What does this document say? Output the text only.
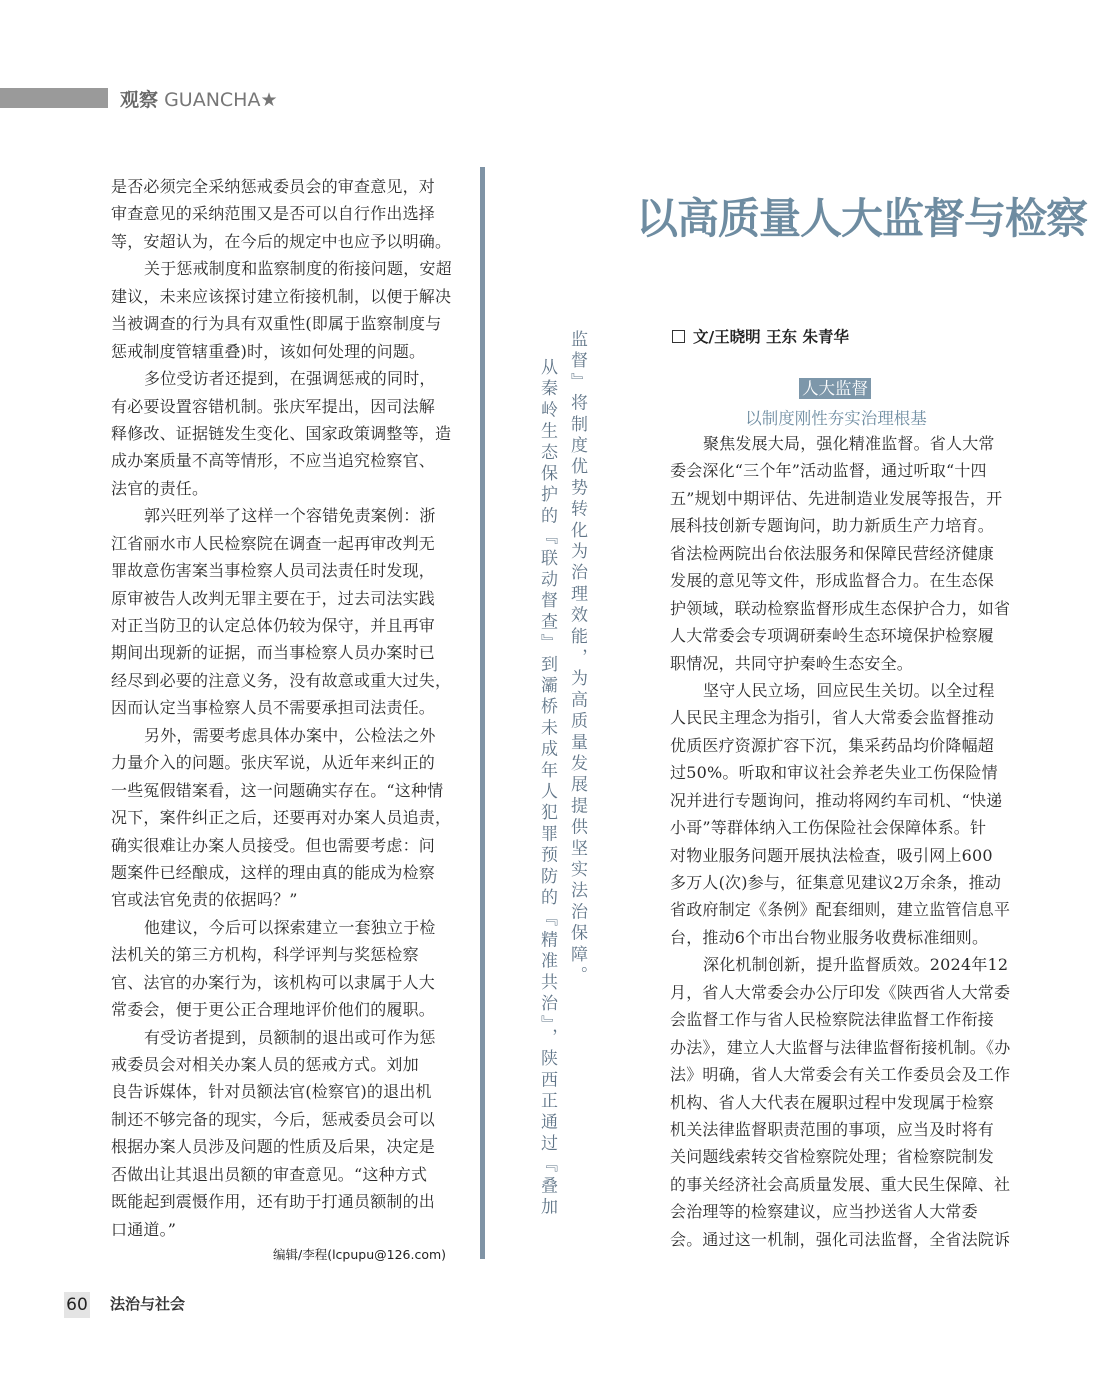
观察 GUANCHA★
是否必须完全采纳惩戒委员会的审查意见，对
审查意见的采纳范围又是否可以自行作出选择
等，安超认为，在今后的规定中也应予以明确。
关于惩戒制度和监察制度的衔接问题，安超
建议，未来应该探讨建立衔接机制，以便于解决
当被调查的行为具有双重性(即属于监察制度与
惩戒制度管辖重叠)时，该如何处理的问题。
多位受访者还提到，在强调惩戒的同时，
有必要设置容错机制。张庆军提出，因司法解
释修改、证据链发生变化、国家政策调整等，造
成办案质量不高等情形，不应当追究检察官、
法官的责任。
郭兴旺列举了这样一个容错免责案例：浙
江省丽水市人民检察院在调查一起再审改判无
罪故意伤害案当事检察人员司法责任时发现，
原审被告人改判无罪主要在于，过去司法实践
对正当防卫的认定总体仍较为保守，并且再审
期间出现新的证据，而当事检察人员办案时已
经尽到必要的注意义务，没有故意或重大过失，
因而认定当事检察人员不需要承担司法责任。
另外，需要考虑具体办案中，公检法之外
力量介入的问题。张庆军说，从近年来纠正的
一些冤假错案看，这一问题确实存在。“这种情
况下，案件纠正之后，还要再对办案人员追责，
确实很难让办案人员接受。但也需要考虑：问
题案件已经酿成，这样的理由真的能成为检察
官或法官免责的依据吗？”
他建议，今后可以探索建立一套独立于检
法机关的第三方机构，科学评判与奖惩检察
官、法官的办案行为，该机构可以隶属于人大
常委会，便于更公正合理地评价他们的履职。
有受访者提到，员额制的退出或可作为惩
戒委员会对相关办案人员的惩戒方式。刘加
良告诉媒体，针对员额法官(检察官)的退出机
制还不够完备的现实，今后，惩戒委员会可以
根据办案人员涉及问题的性质及后果，决定是
否做出让其退出员额的审查意见。“这种方式
既能起到震慑作用，还有助于打通员额制的出
口通道。”
编辑/李程(lcpupu@126.com)
从秦岭生态保护的『联动督查』到灞桥未成年人犯罪预防的『精准共治』，陕西正通过『叠加 监督』将制度优势转化为治理效能，为高质量发展提供坚实法治保障。
以高质量人大监督与检察
文/王晓明 王东 朱青华
人大监督
以制度刚性夯实治理根基
聚焦发展大局，强化精准监督。省人大常
委会深化“三个年”活动监督，通过听取“十四
五”规划中期评估、先进制造业发展等报告，开
展科技创新专题询问，助力新质生产力培育。
省法检两院出台依法服务和保障民营经济健康
发展的意见等文件，形成监督合力。在生态保
护领域，联动检察监督形成生态保护合力，如省
人大常委会专项调研秦岭生态环境保护检察履
职情况，共同守护秦岭生态安全。
坚守人民立场，回应民生关切。以全过程
人民民主理念为指引，省人大常委会监督推动
优质医疗资源扩容下沉，集采药品均价降幅超
过50%。听取和审议社会养老失业工伤保险情
况并进行专题询问，推动将网约车司机、“快递
小哥”等群体纳入工伤保险社会保障体系。针
对物业服务问题开展执法检查，吸引网上600
多万人(次)参与，征集意见建议2万余条，推动
省政府制定《条例》配套细则，建立监管信息平
台，推动6个市出台物业服务收费标准细则。
深化机制创新，提升监督质效。2024年12
月，省人大常委会办公厅印发《陕西省人大常委
会监督工作与省人民检察院法律监督工作衔接
办法》，建立人大监督与法律监督衔接机制。《办
法》明确，省人大常委会有关工作委员会及工作
机构、省人大代表在履职过程中发现属于检察
机关法律监督职责范围的事项，应当及时将有
关问题线索转交省检察院处理；省检察院制发
的事关经济社会高质量发展、重大民生保障、社
会治理等的检察建议，应当抄送省人大常委
会。通过这一机制，强化司法监督，全省法院诉
60 法治与社会
